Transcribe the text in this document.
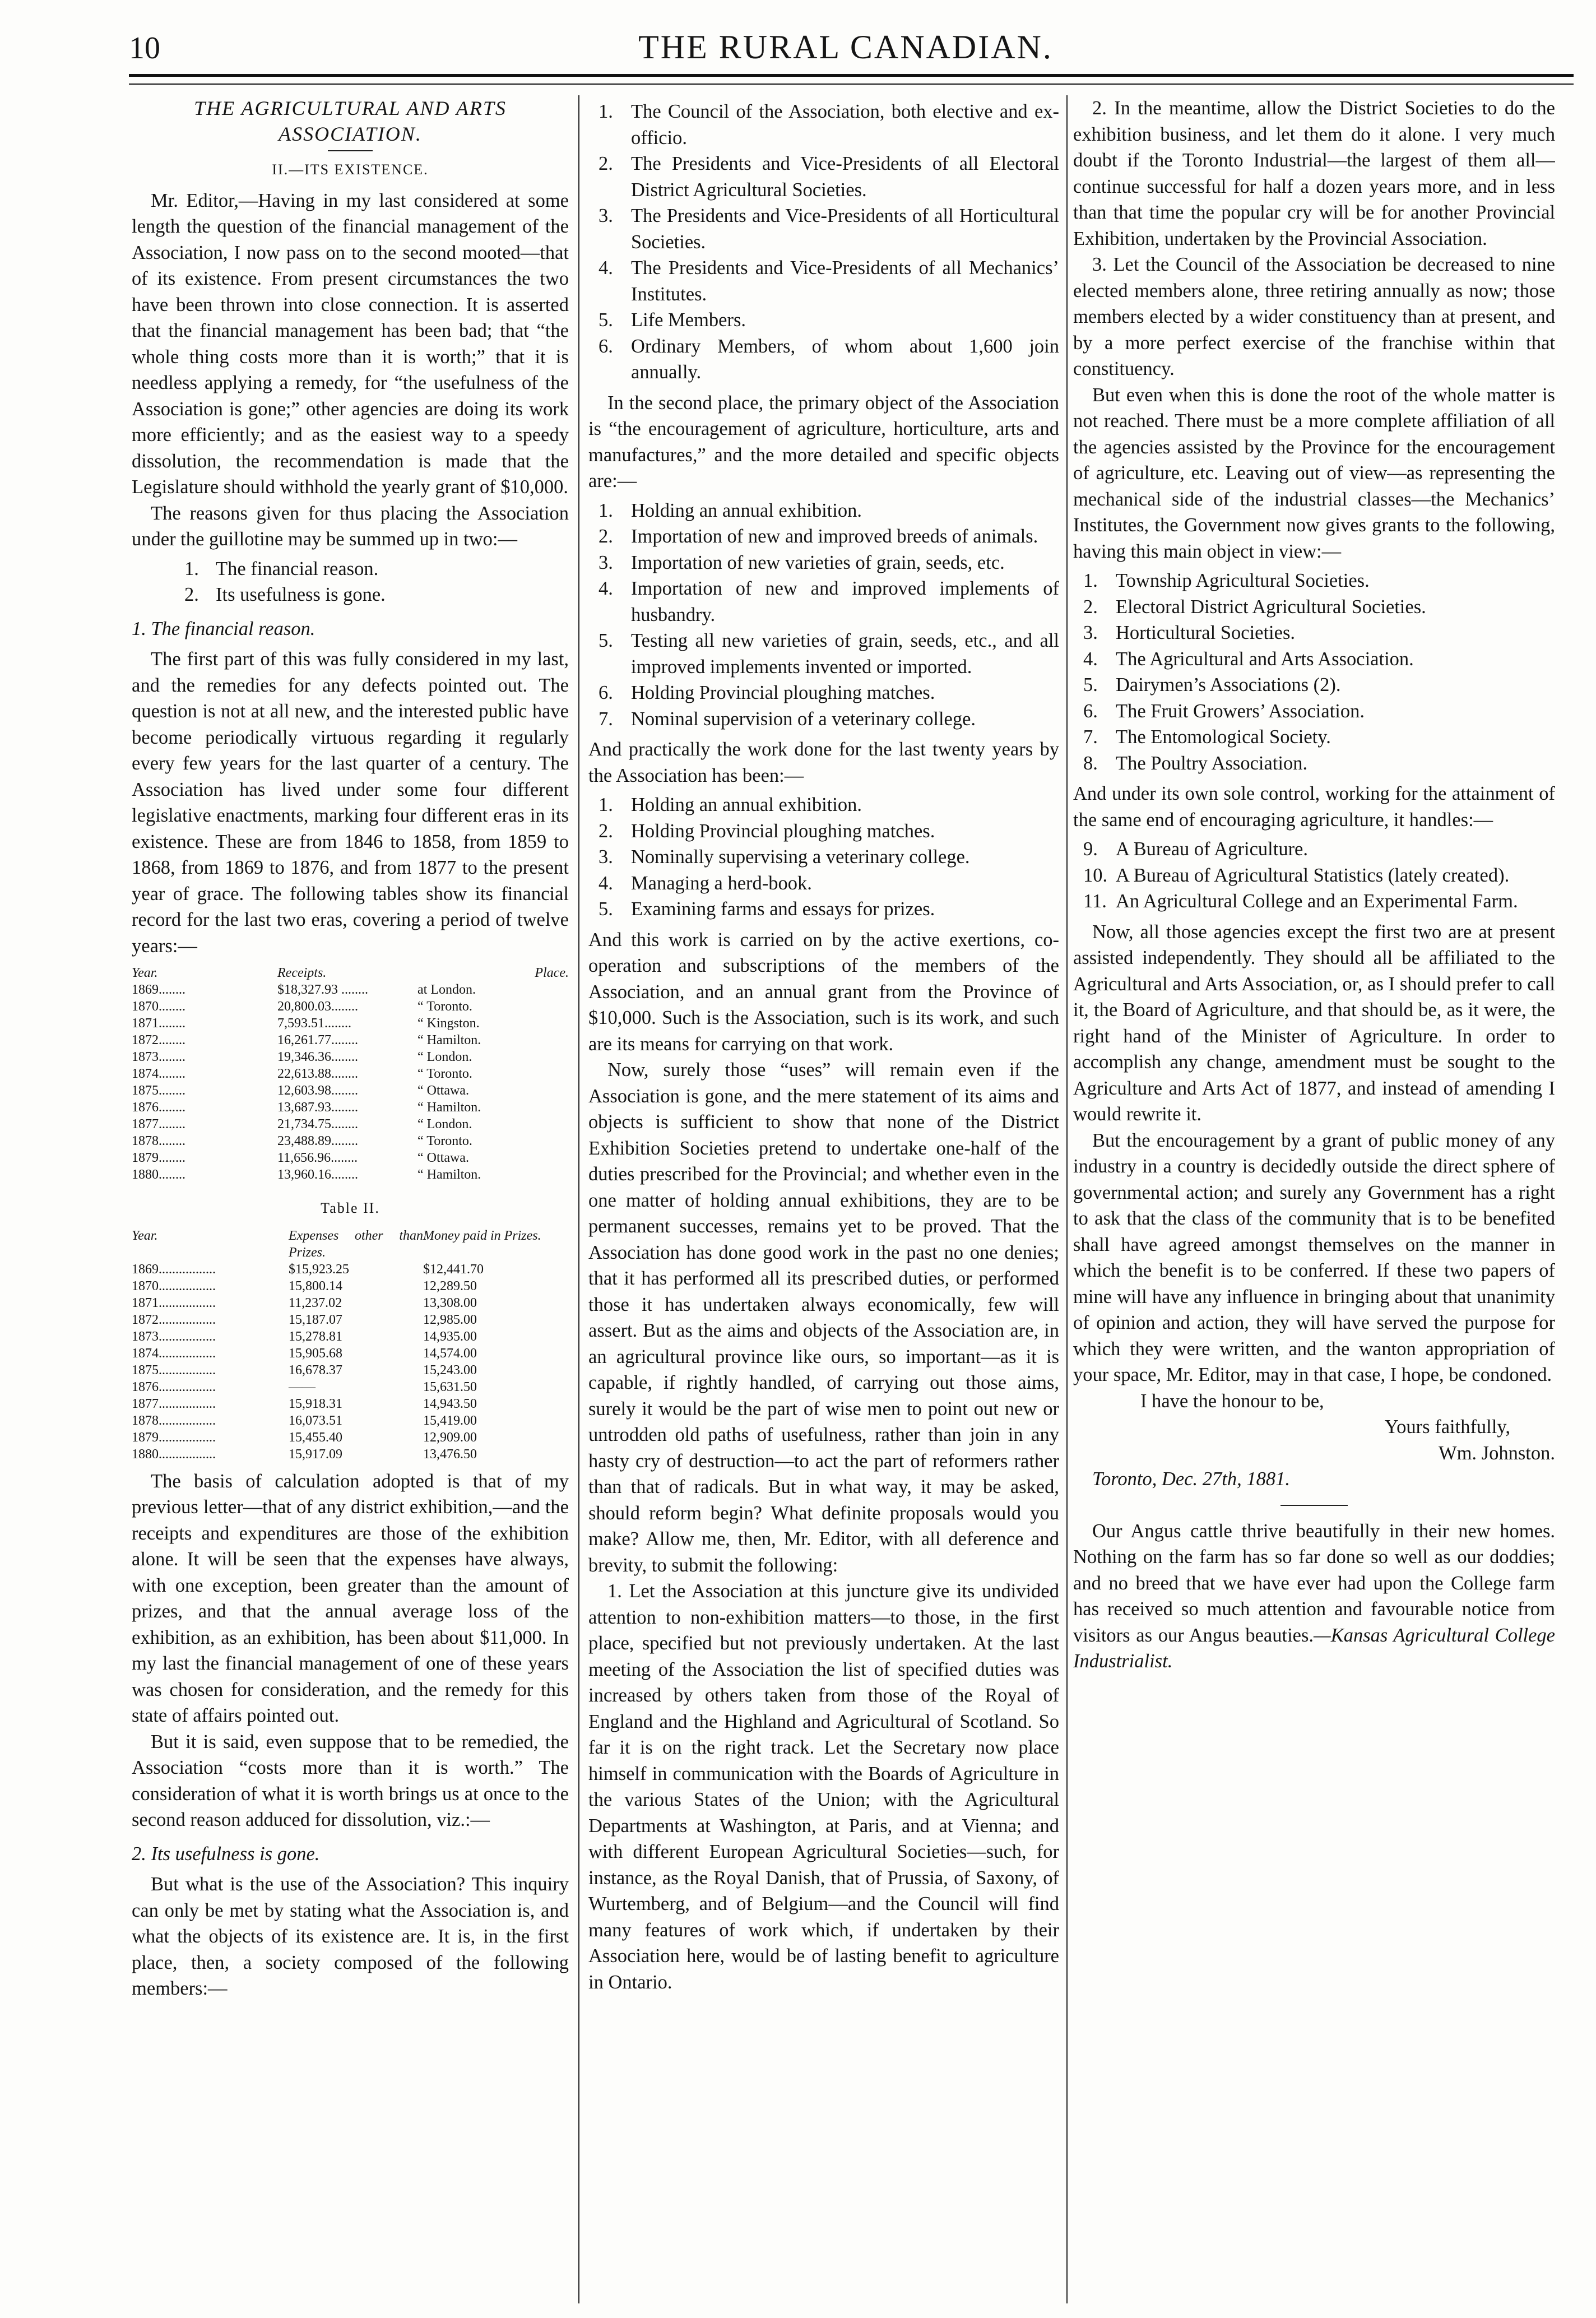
10	THE RURAL CANADIAN.
THE AGRICULTURAL AND ARTS ASSOCIATION.
II.—ITS EXISTENCE.

Mr. Editor,—Having in my last considered at some length the question of the financial management of the Association, I now pass on to the second mooted—that of its existence. From present circumstances the two have been thrown into close connection. It is asserted that the financial management has been bad; that “the whole thing costs more than it is worth;” that it is needless applying a remedy, for “the usefulness of the Association is gone;” other agencies are doing its work more efficiently; and as the easiest way to a speedy dissolution, the recommendation is made that the Legislature should withhold the yearly grant of $10,000.

The reasons given for thus placing the Association under the guillotine may be summed up in two:—

1. The financial reason.
2. Its usefulness is gone.
1. The financial reason.

The first part of this was fully considered in my last, and the remedies for any defects pointed out. The question is not at all new, and the interested public have become periodically virtuous regarding it regularly every few years for the last quarter of a century. The Association has lived under some four different legislative enactments, marking four different eras in its existence. These are from 1846 to 1858, from 1859 to 1868, from 1869 to 1876, and from 1877 to the present year of grace. The following tables show its financial record for the last two eras, covering a period of twelve years:—

Year.	Receipts.	Place.
1869........	$18,327.93 ........	at London.
1870........	20,800.03........	“ Toronto.
1871........	7,593.51........	“ Kingston.
1872........	16,261.77........	“ Hamilton.
1873........	19,346.36........	“ London.
1874........	22,613.88........	“ Toronto.
1875........	12,603.98........	“ Ottawa.
1876........	13,687.93........	“ Hamilton.
1877........	21,734.75........	“ London.
1878........	23,488.89........	“ Toronto.
1879........	11,656.96........	“ Ottawa.
1880........	13,960.16........	“ Hamilton.
Table II.
Year.	Expenses other than Prizes.
Money paid in Prizes.
1869.................	$15,923.25	$12,441.70
1870.................	15,800.14	12,289.50
1871.................	11,237.02	13,308.00
1872.................	15,187.07	12,985.00
1873.................	15,278.81	14,935.00
1874.................	15,905.68	14,574.00
1875.................	16,678.37	15,243.00
1876.................	——	15,631.50
1877.................	15,918.31	14,943.50
1878.................	16,073.51	15,419.00
1879.................	15,455.40	12,909.00
1880.................	15,917.09	13,476.50

The basis of calculation adopted is that of my previous letter—that of any district exhibition,—and the receipts and expenditures are those of the exhibition alone. It will be seen that the expenses have always, with one exception, been greater than the amount of prizes, and that the annual average loss of the exhibition, as an exhibition, has been about $11,000. In my last the financial management of one of these years was chosen for consideration, and the remedy for this state of affairs pointed out.

But it is said, even suppose that to be remedied, the Association “costs more than it is worth.” The consideration of what it is worth brings us at once to the second reason adduced for dissolution, viz.:—

2. Its usefulness is gone.

But what is the use of the Association? This inquiry can only be met by stating what the Association is, and what the objects of its existence are. It is, in the first place, then, a society composed of the following members:—

1. The Council of the Association, both elective and ex-officio.
2. The Presidents and Vice-Presidents of all Electoral District Agricultural Societies.
3. The Presidents and Vice-Presidents of all Horticultural Societies.
4. The Presidents and Vice-Presidents of all Mechanics’ Institutes.
5. Life Members.
6. Ordinary Members, of whom about 1,600 join annually.

In the second place, the primary object of the Association is “the encouragement of agriculture, horticulture, arts and manufactures,” and the more detailed and specific objects are:—

1. Holding an annual exhibition.
2. Importation of new and improved breeds of animals.
3. Importation of new varieties of grain, seeds, etc.
4. Importation of new and improved implements of husbandry.
5. Testing all new varieties of grain, seeds, etc., and all improved implements invented or imported.
6. Holding Provincial ploughing matches.
7. Nominal supervision of a veterinary college.

And practically the work done for the last twenty years by the Association has been:—

1. Holding an annual exhibition.
2. Holding Provincial ploughing matches.
3. Nominally supervising a veterinary college.
4. Managing a herd-book.
5. Examining farms and essays for prizes.

And this work is carried on by the active exertions, co-operation and subscriptions of the members of the Association, and an annual grant from the Province of $10,000. Such is the Association, such is its work, and such are its means for carrying on that work.

Now, surely those “uses” will remain even if the Association is gone, and the mere statement of its aims and objects is sufficient to show that none of the District Exhibition Societies pretend to undertake one-half of the duties prescribed for the Provincial; and whether even in the one matter of holding annual exhibitions, they are to be permanent successes, remains yet to be proved. That the Association has done good work in the past no one denies; that it has performed all its prescribed duties, or performed those it has undertaken always economically, few will assert. But as the aims and objects of the Association are, in an agricultural province like ours, so important—as it is capable, if rightly handled, of carrying out those aims, surely it would be the part of wise men to point out new or untrodden old paths of usefulness, rather than join in any hasty cry of destruction—to act the part of reformers rather than that of radicals. But in what way, it may be asked, should reform begin? What definite proposals would you make? Allow me, then, Mr. Editor, with all deference and brevity, to submit the following:

1. Let the Association at this juncture give its undivided attention to non-exhibition matters—to those, in the first place, specified but not previously undertaken. At the last meeting of the Association the list of specified duties was increased by others taken from those of the Royal of England and the Highland and Agricultural of Scotland. So far it is on the right track. Let the Secretary now place himself in communication with the Boards of Agriculture in the various States of the Union; with the Agricultural Departments at Washington, at Paris, and at Vienna; and with different European Agricultural Societies—such, for instance, as the Royal Danish, that of Prussia, of Saxony, of Wurtemberg, and of Belgium—and the Council will find many features of work which, if undertaken by their Association here, would be of lasting benefit to agriculture in Ontario.

2. In the meantime, allow the District Societies to do the exhibition business, and let them do it alone. I very much doubt if the Toronto Industrial—the largest of them all—continue successful for half a dozen years more, and in less than that time the popular cry will be for another Provincial Exhibition, undertaken by the Provincial Association.

3. Let the Council of the Association be decreased to nine elected members alone, three retiring annually as now; those members elected by a wider constituency than at present, and by a more perfect exercise of the franchise within that constituency.

But even when this is done the root of the whole matter is not reached. There must be a more complete affiliation of all the agencies assisted by the Province for the encouragement of agriculture, etc. Leaving out of view—as representing the mechanical side of the industrial classes—the Mechanics’ Institutes, the Government now gives grants to the following, having this main object in view:—

1. Township Agricultural Societies.
2. Electoral District Agricultural Societies.
3. Horticultural Societies.
4. The Agricultural and Arts Association.
5. Dairymen’s Associations (2).
6. The Fruit Growers’ Association.
7. The Entomological Society.
8. The Poultry Association.

And under its own sole control, working for the attainment of the same end of encouraging agriculture, it handles:—

9. A Bureau of Agriculture.
10. A Bureau of Agricultural Statistics (lately created).
11. An Agricultural College and an Experimental Farm.

Now, all those agencies except the first two are at present assisted independently. They should all be affiliated to the Agricultural and Arts Association, or, as I should prefer to call it, the Board of Agriculture, and that should be, as it were, the right hand of the Minister of Agriculture. In order to accomplish any change, amendment must be sought to the Agriculture and Arts Act of 1877, and instead of amending I would rewrite it.

But the encouragement by a grant of public money of any industry in a country is decidedly outside the direct sphere of governmental action; and surely any Government has a right to ask that the class of the community that is to be benefited shall have agreed amongst themselves on the manner in which the benefit is to be conferred. If these two papers of mine will have any influence in bringing about that unanimity of opinion and action, they will have served the purpose for which they were written, and the wanton appropriation of your space, Mr. Editor, may in that case, I hope, be condoned.

I have the honour to be,

Yours faithfully,

Wm. Johnston.

Toronto, Dec. 27th, 1881.

Our Angus cattle thrive beautifully in their new homes. Nothing on the farm has so far done so well as our doddies; and no breed that we have ever had upon the College farm has received so much attention and favourable notice from visitors as our Angus beauties.—Kansas Agricultural College Industrialist.
